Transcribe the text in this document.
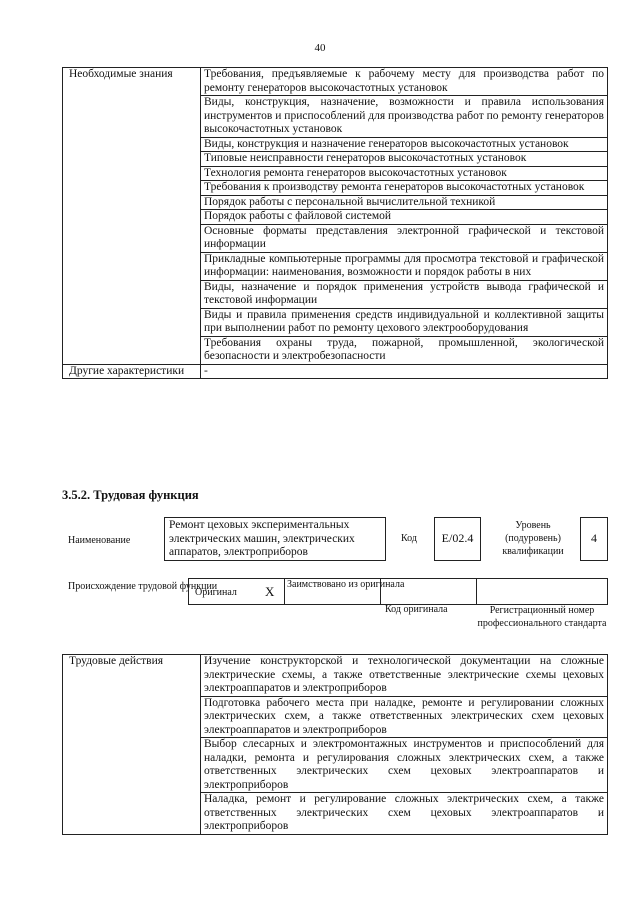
40
Необходимые знания	Требования, предъявляемые к рабочему месту для производства работ по ремонту генераторов высокочастотных установок
	Виды, конструкция, назначение, возможности и правила использования инструментов и приспособлений для производства работ по ремонту генераторов высокочастотных установок
	Виды, конструкция и назначение генераторов высокочастотных установок
	Типовые неисправности генераторов высокочастотных установок
	Технология ремонта генераторов высокочастотных установок
	Требования к производству ремонта генераторов высокочастотных установок
	Порядок работы с персональной вычислительной техникой
	Порядок работы с файловой системой
	Основные форматы представления электронной графической и текстовой информации
	Прикладные компьютерные программы для просмотра текстовой и графической информации: наименования, возможности и порядок работы в них
	Виды, назначение и порядок применения устройств вывода графической и текстовой информации
	Виды и правила применения средств индивидуальной и коллективной защиты при выполнении работ по ремонту цехового электрооборудования
	Требования охраны труда, пожарной, промышленной, экологической безопасности и электробезопасности
Другие характеристики	-
3.5.2. Трудовая функция
Наименование
Ремонт цеховых экспериментальных электрических машин, электрических аппаратов, электроприборов
Код	E/02.4
Уровень (подуровень) квалификации
4
Происхождение трудовой функции
Оригинал X Заимствовано из оригинала
Код оригинала	Регистрационный номер профессионального стандарта
Трудовые действия	Изучение конструкторской и технологической документации на сложные электрические схемы, а также ответственные электрические схемы цеховых электроаппаратов и электроприборов
Подготовка рабочего места при наладке, ремонте и регулировании сложных электрических схем, а также ответственных электрических схем цеховых электроаппаратов и электроприборов
Выбор слесарных и электромонтажных инструментов и приспособлений для наладки, ремонта и регулирования сложных электрических схем, а также ответственных электрических схем цеховых электроаппаратов и электроприборов
Наладка, ремонт и регулирование сложных электрических схем, а также ответственных электрических схем цеховых электроаппаратов и электроприборов
